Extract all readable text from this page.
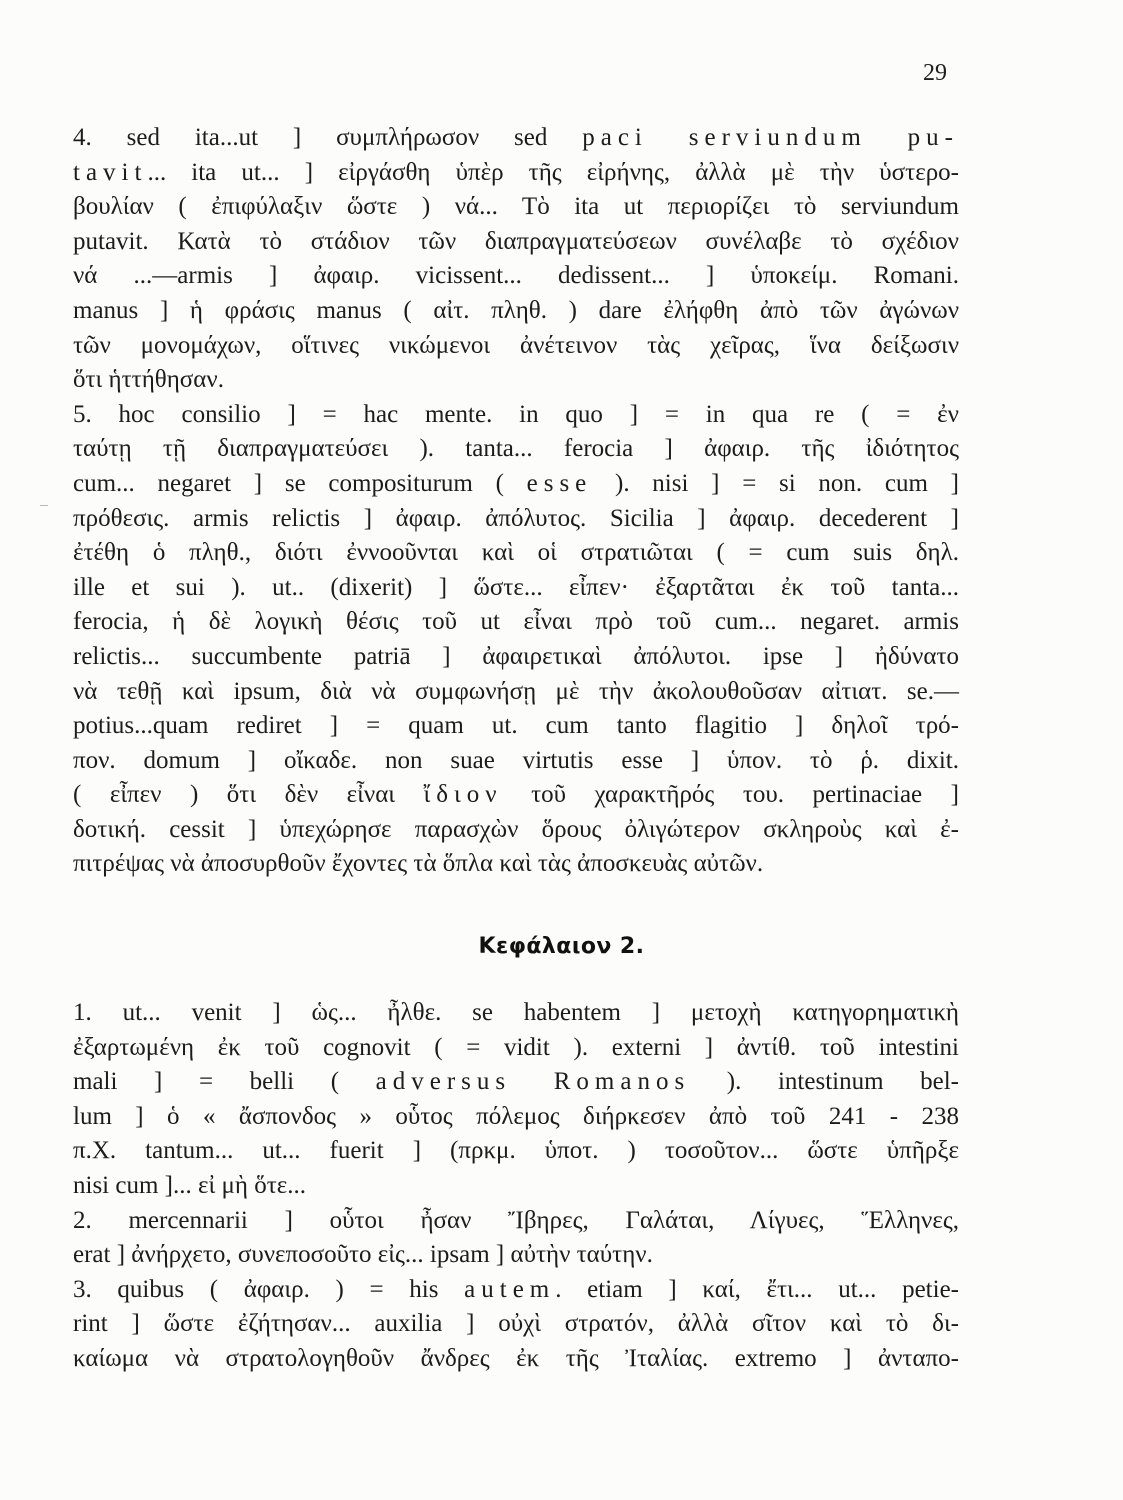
29
4. sed ita...ut ] συμπλήρωσον sed paci serviundum pu-
tavit... ita ut... ] εἰργάσθη ὑπὲρ τῆς εἰρήνης, ἀλλὰ μὲ τὴν ὑστερο-
βουλίαν ( ἐπιφύλαξιν ὥστε ) νά... Τὸ ita ut περιορίζει τὸ serviundum
putavit. Κατὰ τὸ στάδιον τῶν διαπραγματεύσεων συνέλαβε τὸ σχέδιον
νά ...—armis ] ἀφαιρ. vicissent... dedissent... ] ὑποκείμ. Romani.
manus ] ἡ φράσις manus ( αἰτ. πληθ. ) dare ἐλήφθη ἀπὸ τῶν ἀγώνων
τῶν μονομάχων, οἵτινες νικώμενοι ἀνέτεινον τὰς χεῖρας, ἵνα δείξωσιν
ὅτι ἡττήθησαν.
5. hoc consilio ] = hac mente. in quo ] = in qua re ( = ἐν
ταύτῃ τῇ διαπραγματεύσει ). tanta... ferocia ] ἀφαιρ. τῆς ἰδιότητος
cum... negaret ] se compositurum ( esse ). nisi ] = si non. cum ]
πρόθεσις. armis relictis ] ἀφαιρ. ἀπόλυτος. Sicilia ] ἀφαιρ. decederent ]
ἐτέθη ὁ πληθ., διότι ἐννοοῦνται καὶ οἱ στρατιῶται ( = cum suis δηλ.
ille et sui ). ut.. (dixerit) ] ὥστε... εἶπεν· ἐξαρτᾶται ἐκ τοῦ tanta...
ferocia, ἡ δὲ λογικὴ θέσις τοῦ ut εἶναι πρὸ τοῦ cum... negaret. armis
relictis... succumbente patriā ] ἀφαιρετικαὶ ἀπόλυτοι. ipse ] ἠδύνατο
νὰ τεθῇ καὶ ipsum, διὰ νὰ συμφωνήσῃ μὲ τὴν ἀκολουθοῦσαν αἰτιατ. se.—
potius...quam rediret ] = quam ut. cum tanto flagitio ] δηλοῖ τρό-
πον. domum ] οἴκαδε. non suae virtutis esse ] ὑπον. τὸ ῥ. dixit.
( εἶπεν ) ὅτι δὲν εἶναι ἴδιον τοῦ χαρακτῆρός του. pertinaciae ]
δοτική. cessit ] ὑπεχώρησε παρασχὼν ὅρους ὀλιγώτερον σκληροὺς καὶ ἐ-
πιτρέψας νὰ ἀποσυρθοῦν ἔχοντες τὰ ὅπλα καὶ τὰς ἀποσκευὰς αὐτῶν.
Κεφάλαιον 2.
1. ut... venit ] ὡς... ἦλθε. se habentem ] μετοχὴ κατηγορηματικὴ
ἐξαρτωμένη ἐκ τοῦ cognovit ( = vidit ). externi ] ἀντίθ. τοῦ intestini
mali ] = belli ( adversus Romanos ). intestinum bel-
lum ] ὁ « ἄσπονδος » οὗτος πόλεμος διήρκεσεν ἀπὸ τοῦ 241 - 238
π.Χ. tantum... ut... fuerit ] (πρκμ. ὑποτ. ) τοσοῦτον... ὥστε ὑπῆρξε
nisi cum ]... εἰ μὴ ὅτε...
2. mercennarii ] οὗτοι ἦσαν Ἴβηρες, Γαλάται, Λίγυες, Ἕλληνες,
erat ] ἀνήρχετο, συνεποσοῦτο εἰς... ipsam ] αὐτὴν ταύτην.
3. quibus ( ἀφαιρ. ) = his autem. etiam ] καί, ἔτι... ut... petie-
rint ] ὥστε ἐζήτησαν... auxilia ] οὐχὶ στρατόν, ἀλλὰ σῖτον καὶ τὸ δι-
καίωμα νὰ στρατολογηθοῦν ἄνδρες ἐκ τῆς Ἰταλίας. extremo ] ἀνταπο-
